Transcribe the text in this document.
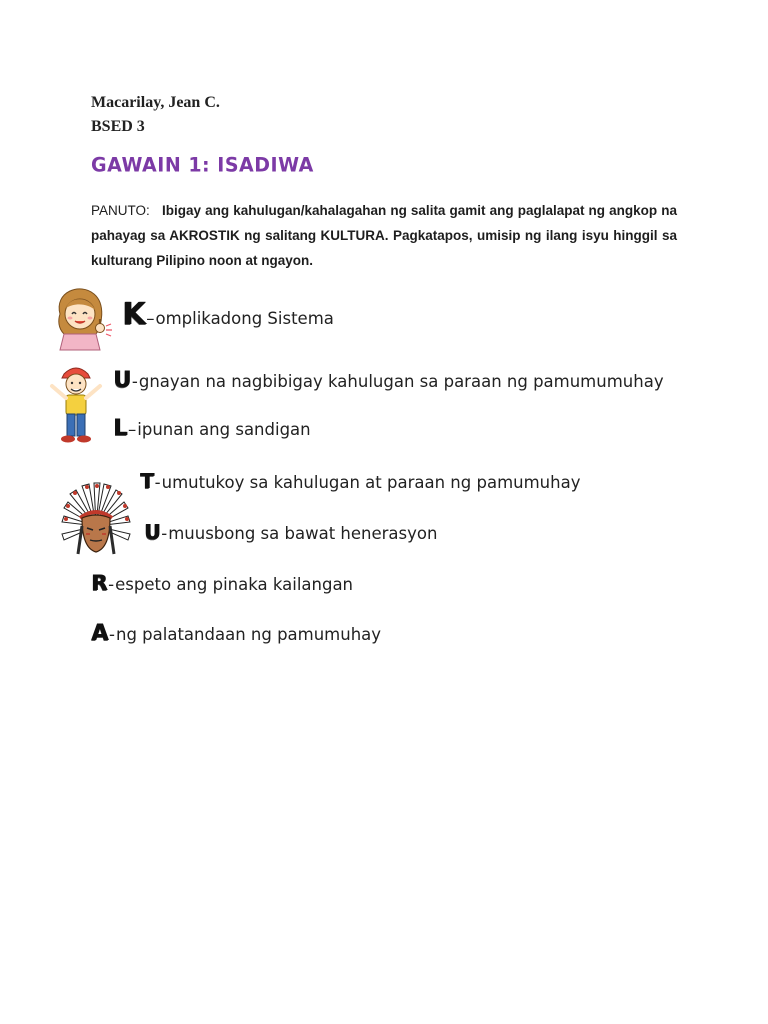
Macarilay, Jean C.
BSED 3
GAWAIN 1: ISADIWA
PANUTO: Ibigay ang kahulugan/kahalagahan ng salita gamit ang paglalapat ng angkop na pahayag sa AKROSTIK ng salitang KULTURA. Pagkatapos, umisip ng ilang isyu hinggil sa kulturang Pilipino noon at ngayon.
K – omplikadong Sistema
U - gnayan na nagbibigay kahulugan sa paraan ng pamumumuhay
L – ipunan ang sandigan
T - umutukoy sa kahulugan at paraan ng pamumuhay
U - muusbong sa bawat henerasyon
R - espeto ang pinaka kailangan
A - ng palatandaan ng pamumuhay
